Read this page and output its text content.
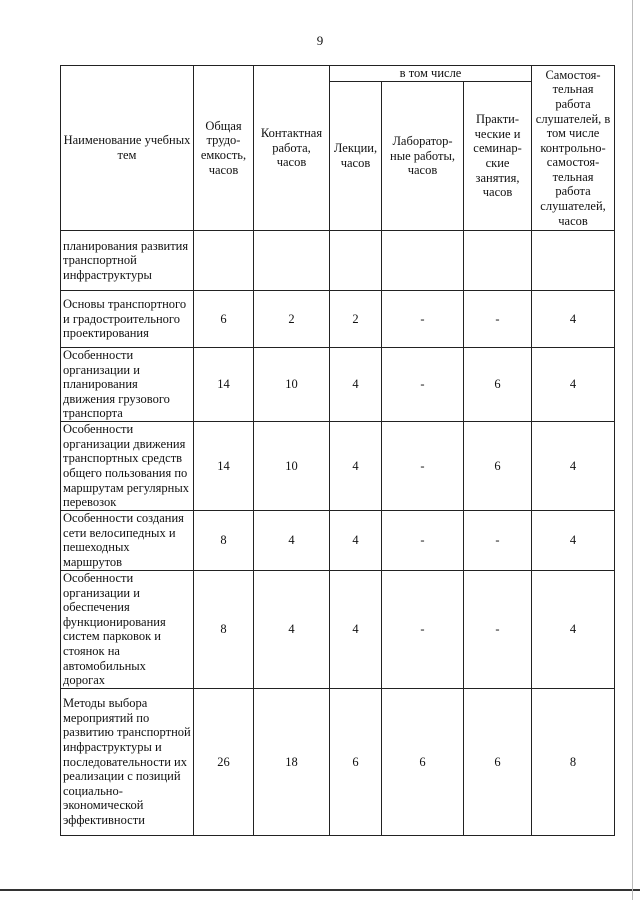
9
Наименование учебных тем	Общая трудо- емкость, часов	Контактная работа, часов	в том числе			Самостоя- тельная работа слушателей, в том числе контрольно- самостоя- тельная работа слушателей, часов
			Лекции, часов	Лаборатор- ные работы, часов	Практи- ческие и семинар- ские занятия, часов	
планирования развития транспортной инфраструктуры						
Основы транспортного и градостроительного проектирования	6	2	2	-	-	4
Особенности организации и планирования движения грузового транспорта	14	10	4	-	6	4
Особенности организации движения транспортных средств общего пользования по маршрутам регулярных перевозок	14	10	4	-	6	4
Особенности создания сети велосипедных и пешеходных маршрутов	8	4	4	-	-	4
Особенности организации и обеспечения функционирования систем парковок и стоянок на автомобильных дорогах	8	4	4	-	-	4
Методы выбора мероприятий по развитию транспортной инфраструктуры и последовательности их реализации с позиций социально- экономической эффективности	26	18	6	6	6	8
